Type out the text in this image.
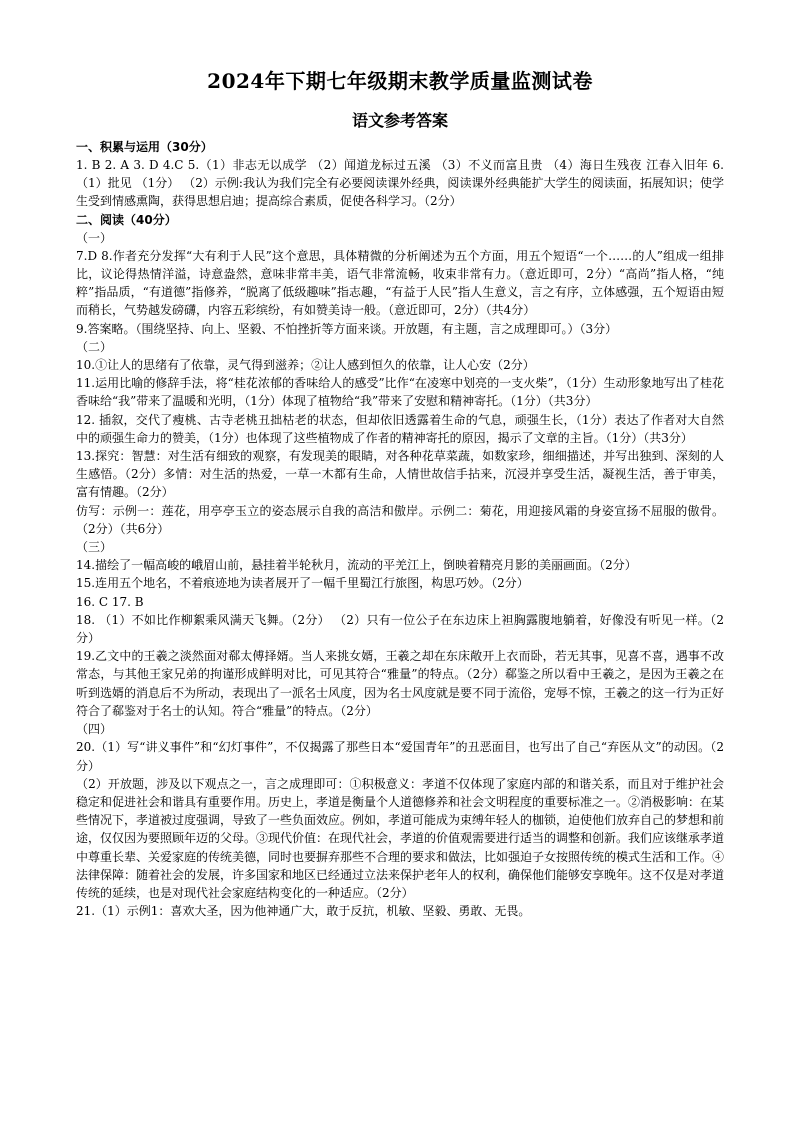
2024年下期七年级期末教学质量监测试卷
语文参考答案

一、积累与运用（30分）

1. B 2. A 3. D 4.C 5.（1）非志无以成学 （2）闻道龙标过五溪 （3）不义而富且贵 （4）海日生残夜 江春入旧年 6.（1）批见 （1分） （2）示例:我认为我们完全有必要阅读课外经典，阅读课外经典能扩大学生的阅读面，拓展知识；使学生受到情感熏陶，获得思想启迪；提高综合素质，促使各科学习。（2分）

二、阅读（40分）

（一）

7.D 8.作者充分发挥“大有利于人民”这个意思，具体精微的分析阐述为五个方面，用五个短语“一个……的人”组成一组排比，议论得热情洋溢，诗意盎然，意味非常丰美，语气非常流畅，收束非常有力。（意近即可，2分）“高尚”指人格，“纯粹”指品质，“有道德”指修养，“脱离了低级趣味”指志趣，“有益于人民”指人生意义，言之有序，立体感强，五个短语由短而稍长，气势越发磅礴，内容五彩缤纷，有如赞美诗一般。（意近即可，2分）（共4分）

9.答案略。（围绕坚持、向上、坚毅、不怕挫折等方面来谈。开放题，有主题，言之成理即可。）（3分）

（二）

10.①让人的思绪有了依靠，灵气得到滋养；②让人感到恒久的依靠，让人心安（2分）

11.运用比喻的修辞手法，将“桂花浓郁的香味给人的感受”比作“在凌寒中划亮的一支火柴”，（1分）生动形象地写出了桂花香味给“我”带来了温暖和光明，（1分）体现了植物给“我”带来了安慰和精神寄托。（1分）（共3分）

12. 插叙，交代了瘦桃、古寺老桃丑拙枯老的状态，但却依旧透露着生命的气息，顽强生长，（1分）表达了作者对大自然中的顽强生命力的赞美，（1分）也体现了这些植物成了作者的精神寄托的原因，揭示了文章的主旨。（1分）（共3分）

13.探究：智慧：对生活有细致的观察，有发现美的眼睛，对各种花草菜蔬，如数家珍，细细描述，并写出独到、深刻的人生感悟。（2分）多情：对生活的热爱，一草一木都有生命，人情世故信手拈来，沉浸并享受生活，凝视生活，善于审美，富有情趣。（2分）

仿写：示例一：莲花，用亭亭玉立的姿态展示自我的高洁和傲岸。示例二：菊花，用迎接风霜的身姿宣扬不屈服的傲骨。（2分）（共6分）

（三）

14.描绘了一幅高峻的峨眉山前，悬挂着半轮秋月，流动的平羌江上，倒映着精亮月影的美丽画面。（2分）

15.连用五个地名，不着痕迹地为读者展开了一幅千里蜀江行旅图，构思巧妙。（2分）

16. C 17. B

18. （1）不如比作柳絮乘风满天飞舞。（2分） （2）只有一位公子在东边床上袒胸露腹地躺着，好像没有听见一样。（2分）

19.乙文中的王羲之淡然面对郗太傅择婿。当人来挑女婿，王羲之却在东床敞开上衣而卧，若无其事，见喜不喜，遇事不改常态，与其他王家兄弟的拘谨形成鲜明对比，可见其符合“雅量”的特点。（2分）郗鉴之所以看中王羲之，是因为王羲之在听到选婿的消息后不为所动，表现出了一派名士风度，因为名士风度就是要不同于流俗，宠辱不惊，王羲之的这一行为正好符合了郗鉴对于名士的认知。符合“雅量”的特点。（2分）

（四）

20.（1）写“讲义事件”和“幻灯事件”，不仅揭露了那些日本“爱国青年”的丑恶面目，也写出了自己“弃医从文”的动因。（2分）

（2）开放题，涉及以下观点之一，言之成理即可：①积极意义：孝道不仅体现了家庭内部的和谐关系，而且对于维护社会稳定和促进社会和谐具有重要作用。历史上，孝道是衡量个人道德修养和社会文明程度的重要标准之一。②消极影响：在某些情况下，孝道被过度强调，导致了一些负面效应。例如，孝道可能成为束缚年轻人的枷锁，迫使他们放弃自己的梦想和前途，仅仅因为要照顾年迈的父母。③现代价值：在现代社会，孝道的价值观需要进行适当的调整和创新。我们应该继承孝道中尊重长辈、关爱家庭的传统美德，同时也要摒弃那些不合理的要求和做法，比如强迫子女按照传统的模式生活和工作。④法律保障：随着社会的发展，许多国家和地区已经通过立法来保护老年人的权利，确保他们能够安享晚年。这不仅是对孝道传统的延续，也是对现代社会家庭结构变化的一种适应。（2分）

21.（1）示例1：喜欢大圣，因为他神通广大，敢于反抗，机敏、坚毅、勇敢、无畏。
